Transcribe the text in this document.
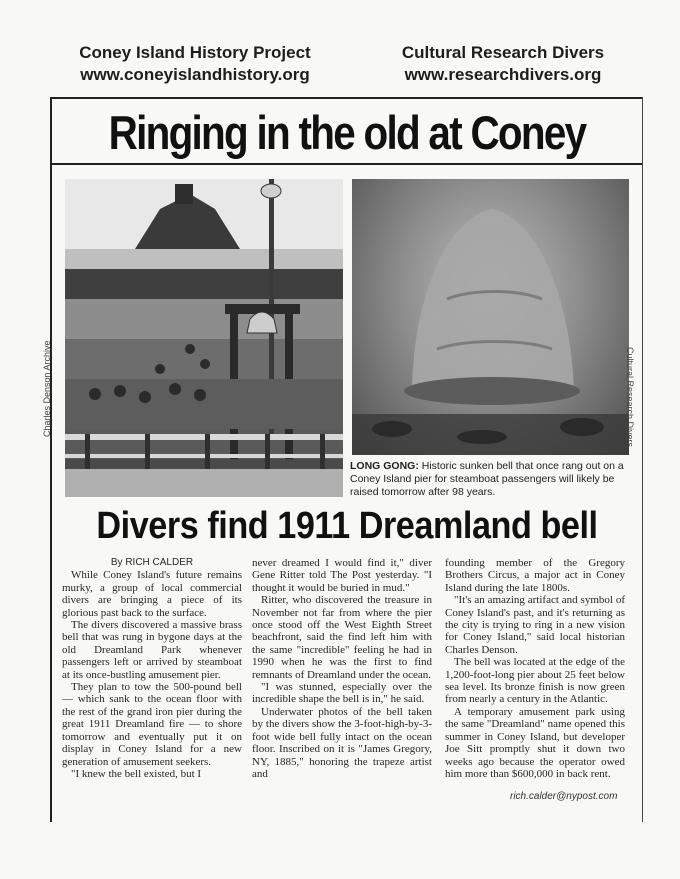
Coney Island History Project
www.coneyislandhistory.org
Cultural Research Divers
www.researchdivers.org
Ringing in the old at Coney
Charles Denson Archive	Cultural Research Divers
LONG GONG: Historic sunken bell that once rang out on a Coney Island pier for steamboat passengers will likely be raised tomorrow after 98 years.
Divers find 1911 Dreamland bell

By RICH CALDER

While Coney Island's future remains murky, a group of local commercial divers are bringing a piece of its glorious past back to the surface.

The divers discovered a massive brass bell that was rung in bygone days at the old Dreamland Park whenever passengers left or arrived by steamboat at its once-bustling amusement pier.

They plan to tow the 500-pound bell — which sank to the ocean floor with the rest of the grand iron pier during the great 1911 Dreamland fire — to shore tomorrow and eventually put it on display in Coney Island for a new generation of amusement seekers.

"I knew the bell existed, but I

never dreamed I would find it," diver Gene Ritter told The Post yesterday. "I thought it would be buried in mud."

Ritter, who discovered the treasure in November not far from where the pier once stood off the West Eighth Street beachfront, said the find left him with the same "incredible" feeling he had in 1990 when he was the first to find remnants of Dreamland under the ocean.

"I was stunned, especially over the incredible shape the bell is in," he said.

Underwater photos of the bell taken by the divers show the 3-foot-high-by-3-foot wide bell fully intact on the ocean floor. Inscribed on it is "James Gregory, NY, 1885," honoring the trapeze artist and

founding member of the Gregory Brothers Circus, a major act in Coney Island during the late 1800s.

"It's an amazing artifact and symbol of Coney Island's past, and it's returning as the city is trying to ring in a new vision for Coney Island," said local historian Charles Denson.

The bell was located at the edge of the 1,200-foot-long pier about 25 feet below sea level. Its bronze finish is now green from nearly a century in the Atlantic.

A temporary amusement park using the same "Dreamland" name opened this summer in Coney Island, but developer Joe Sitt promptly shut it down two weeks ago because the operator owed him more than $600,000 in back rent.

rich.calder@nypost.com
